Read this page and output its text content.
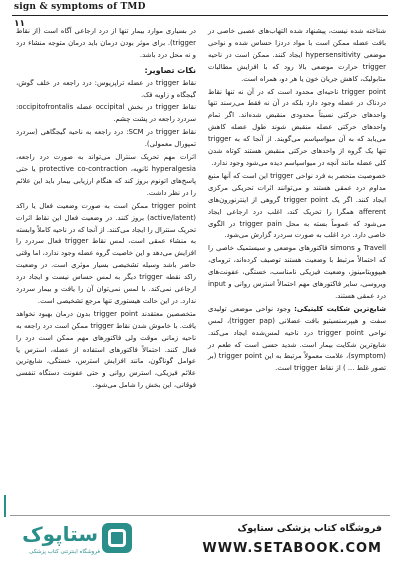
sign & symptoms of TMD
۱۱

شناخته شده نیست، پیشنهاد شده التهاب‌های عصبی خاصی در بافت عضله ممکن است با مواد دردزا حساس شده و نواحی موضعی hypersensitivity ایجاد کنند. ممکن است در ناحیه trigger حرارت موضعی بالا رود که با افزایش مطالبات متابولیک، کاهش جریان خون یا هر دو، همراه است.

trigger point ناحیه‌ای محدود است که در آن نه تنها نقاط دردناک در عضله وجود دارد بلکه در آن نه فقط می‌رسند تنها واحدهای حرکتی نسبتاً محدودی منقبض شده‌اند. اگر تمام واحدهای حرکتی عضله منقبض شوند طول عضله کاهش می‌یابد که به آن میواسپاسم می‌گویند. از آنجا که به trigger تنها یک گروه از واحدهای حرکتی منقبض هستند کوتاه شدن کلی عضله مانند آنچه در میواسپاسم دیده می‌شود وجود ندارد.

خصوصیت منحصر به فرد نواحی trigger این است که آنها منبع مداوم درد عمقی هستند و می‌توانند اثرات تحریکی مرکزی ایجاد کنند. اگر یک trigger point گروهی از اینترنورون‌های afferent همگرا را تحریک کند، اغلب درد ارجاعی ایجاد می‌شود که عموماً بسته به محل trigger pain در الگوی خاصی دارد. درد اغلب به صورت سردرد گزارش می‌شود.

Travell و simons فاکتورهای موضعی و سیستمیک خاصی را که احتمالاً مرتبط با وضعیت هستند توصیف کرده‌اند، ترومای، هیپوویتامینوز، وضعیت فیزیکی نامناسب، خستگی، عفونت‌های ویروسی، سایر فاکتورهای مهم احتمالاً استرس روانی و input درد عمقی هستند.

شایع‌ترین شکایت کلینیکی: وجود نواحی موضعی تولیدی سفت و هیپرسنسیتیو بافت عضلانی (trigger pap)، لمس نواحی trigger point درد ناحیه لمس‌شده ایجاد می‌کند. شایع‌ترین شکایت بیمار است. شدید حسی است که طعم در (symptom)، علامت معمولاً مرتبط به این trigger point (بر تصور غلط ... ) از نقاط trigger است.

در بسیاری موارد بیمار تنها از درد ارجاعی آگاه است (از نقاط trigger). برای موثر بودن درمان باید درمان متوجه منشاء درد و نه محل درد باشد.

نکات تصاویر:

نقاط trigger در عضله تراپزیوس: درد راجعه در خلف گوش، گیجگاه و زاویه فک.

نقاط trigger در بخش occipital عضله occipitofrontalis: سردرد راجعه در پشت چشم.

نقاط trigger در SCM: درد راجعه به ناحیه گیجگاهی (سردرد تمپورال معمولی).

اثرات مهم تحریک سنترال می‌تواند به صورت درد راجعه، hyperalgesia ثانویه، protective co-contraction یا حتی پاسخ‌های اتونوم بروز کند که هنگام ارزیابی بیمار باید این علائم را در نظر داشت.

trigger point ممکن است به صورت وضعیت فعال یا راکد (active/latent) بروز کنند. در وضعیت فعال این نقاط اثرات تحریک سنترال را ایجاد می‌کنند. از آنجا که در ناحیه کاملاً وابسته به منشاء عمقی است، لمس نقاط trigger فعال سردرد را افزایش می‌دهد و این خاصیت گروه عضله وجود ندارد، اما وقتی حاضر باشد وسیله تشخیصی بسیار موثری است. در وضعیت راکد نقطه trigger دیگر به لمس حساس نیست و ایجاد درد ارجاعی نمی‌کند. با لمس نمی‌توان آن را یافت و بیمار سردرد ندارد. در این حالت هیستوری تنها مرجع تشخیصی است.

متخصصین معتقدند trigger point بدون درمان بهبود نخواهد یافت. با خاموش شدن نقاط trigger ممکن است درد راجعه به ناحیه زمانی موقت ولی فاکتورهای مهم ممکن است درد را فعال کنند. احتمالاً فاکتورهای استفاده از عضله، استرس یا عوامل گوناگون، مانند افزایش استرس، خستگی، شایع‌ترین علائم فیزیکی، استرس روانی و حتی عفونت دستگاه تنفسی فوقانی، این بخش را شامل می‌شود.

ستاپوک
فروشگاه اینترنتی کتاب پزشکی
فروشگاه کتاب پزشکی ستاپوک
WWW.SETABOOK.COM
